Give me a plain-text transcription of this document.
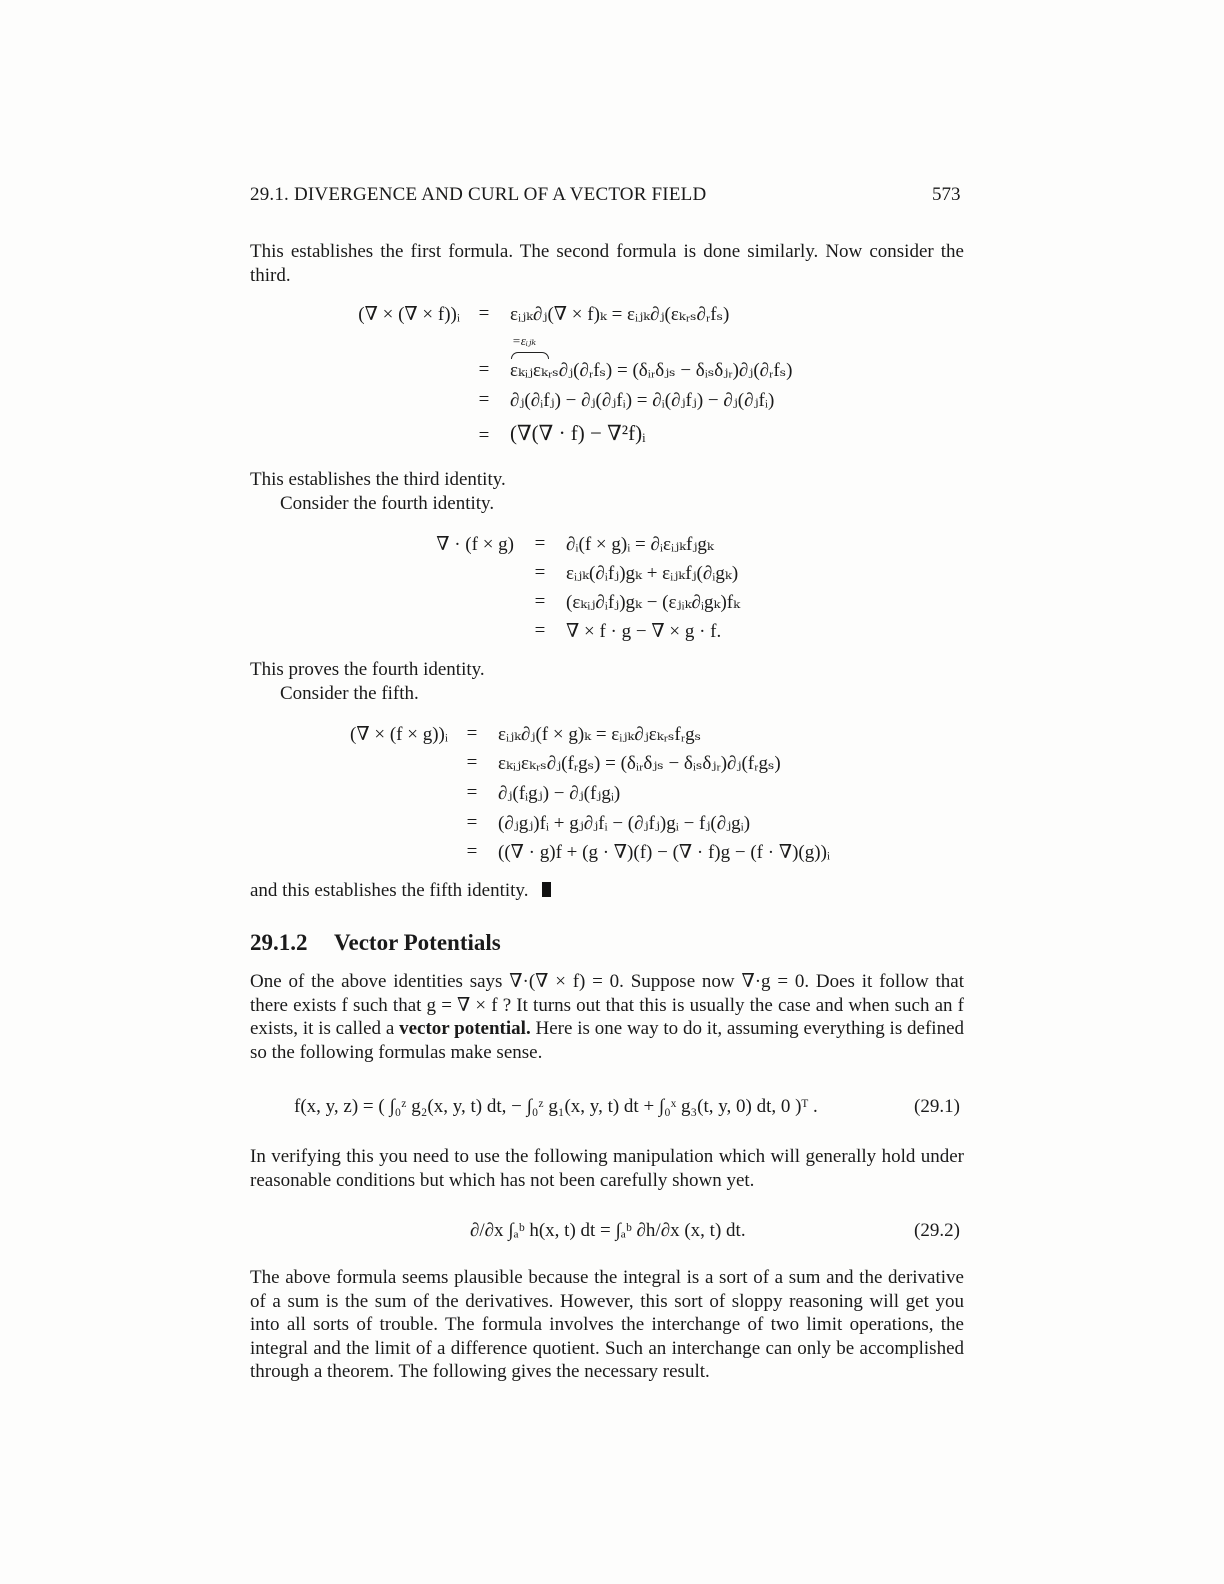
29.1. DIVERGENCE AND CURL OF A VECTOR FIELD	573
This establishes the first formula. The second formula is done similarly. Now consider the third.
(∇ × (∇ × f))ᵢ = εᵢⱼₖ∂ⱼ(∇ × f)ₖ = εᵢⱼₖ∂ⱼ(εₖᵣₛ∂ᵣfₛ)
=εᵢⱼₖ
= εₖᵢⱼεₖᵣₛ∂ⱼ(∂ᵣfₛ) = (δᵢᵣδⱼₛ − δᵢₛδⱼᵣ)∂ⱼ(∂ᵣfₛ)
= ∂ⱼ(∂ᵢfⱼ) − ∂ⱼ(∂ⱼfᵢ) = ∂ᵢ(∂ⱼfⱼ) − ∂ⱼ(∂ⱼfᵢ)
= (∇(∇ · f) − ∇²f)ᵢ
This establishes the third identity.
Consider the fourth identity.
∇ · (f × g) = ∂ᵢ(f × g)ᵢ = ∂ᵢεᵢⱼₖfⱼgₖ
= εᵢⱼₖ(∂ᵢfⱼ)gₖ + εᵢⱼₖfⱼ(∂ᵢgₖ)
= (εₖᵢⱼ∂ᵢfⱼ)gₖ − (εⱼᵢₖ∂ᵢgₖ)fₖ
= ∇ × f · g − ∇ × g · f.
This proves the fourth identity.
Consider the fifth.
(∇ × (f × g))ᵢ = εᵢⱼₖ∂ⱼ(f × g)ₖ = εᵢⱼₖ∂ⱼεₖᵣₛfᵣgₛ
= εₖᵢⱼεₖᵣₛ∂ⱼ(fᵣgₛ) = (δᵢᵣδⱼₛ − δᵢₛδⱼᵣ)∂ⱼ(fᵣgₛ)
= ∂ⱼ(fᵢgⱼ) − ∂ⱼ(fⱼgᵢ)
= (∂ⱼgⱼ)fᵢ + gⱼ∂ⱼfᵢ − (∂ⱼfⱼ)gᵢ − fⱼ(∂ⱼgᵢ)
= ((∇ · g)f + (g · ∇)(f) − (∇ · f)g − (f · ∇)(g))ᵢ
and this establishes the fifth identity.
29.1.2 Vector Potentials
One of the above identities says ∇·(∇ × f) = 0. Suppose now ∇·g = 0. Does it follow that there exists f such that g = ∇ × f ? It turns out that this is usually the case and when such an f exists, it is called a vector potential. Here is one way to do it, assuming everything is defined so the following formulas make sense.
f(x, y, z) = ( ∫₀ᶻ g₂(x, y, t) dt, − ∫₀ᶻ g₁(x, y, t) dt + ∫₀ˣ g₃(t, y, 0) dt, 0 )ᵀ .	(29.1)
In verifying this you need to use the following manipulation which will generally hold under reasonable conditions but which has not been carefully shown yet.
∂/∂x ∫ₐᵇ h(x, t) dt = ∫ₐᵇ ∂h/∂x (x, t) dt.	(29.2)
The above formula seems plausible because the integral is a sort of a sum and the derivative of a sum is the sum of the derivatives. However, this sort of sloppy reasoning will get you into all sorts of trouble. The formula involves the interchange of two limit operations, the integral and the limit of a difference quotient. Such an interchange can only be accomplished through a theorem. The following gives the necessary result.
